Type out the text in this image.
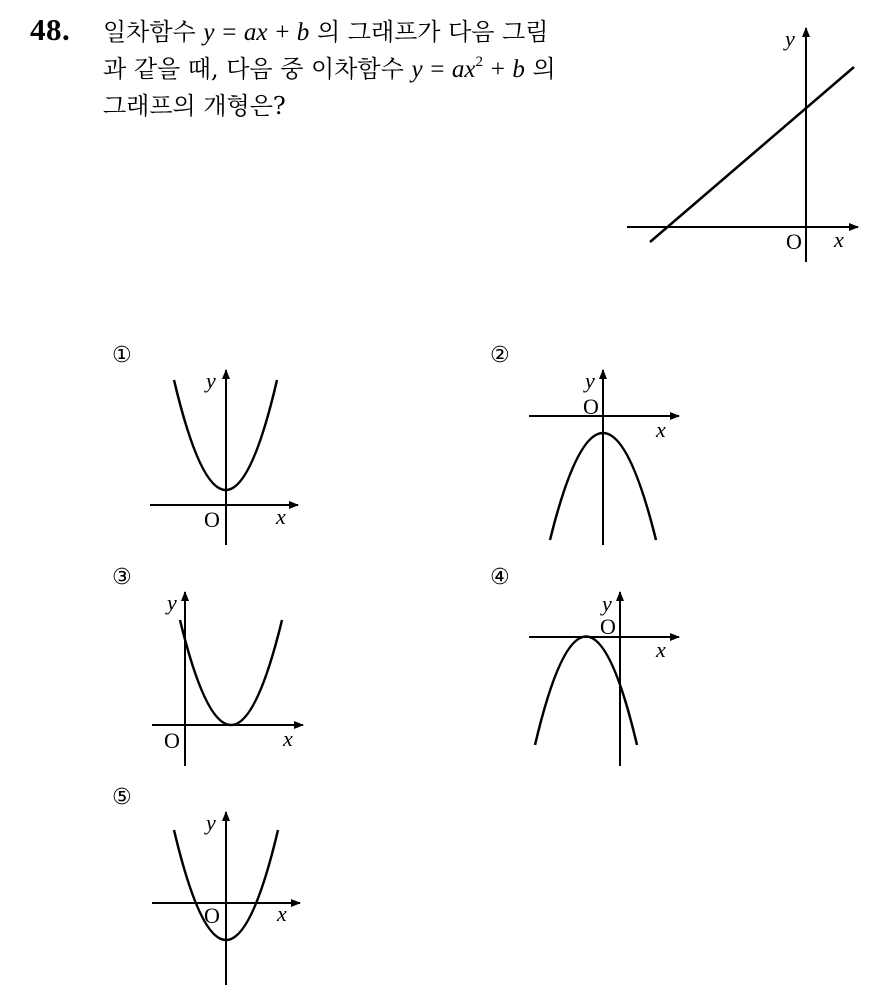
48. 일차함수 y = ax + b 의 그래프가 다음 그림
과 같을 때, 다음 중 이차함수 $y = ax^2 + b$ 의
그래프의 개형은?
y
x
O
①	②
③	④
⑤
y
x
O
y
x
O
y
x
O
y
x
O
y
x
O
